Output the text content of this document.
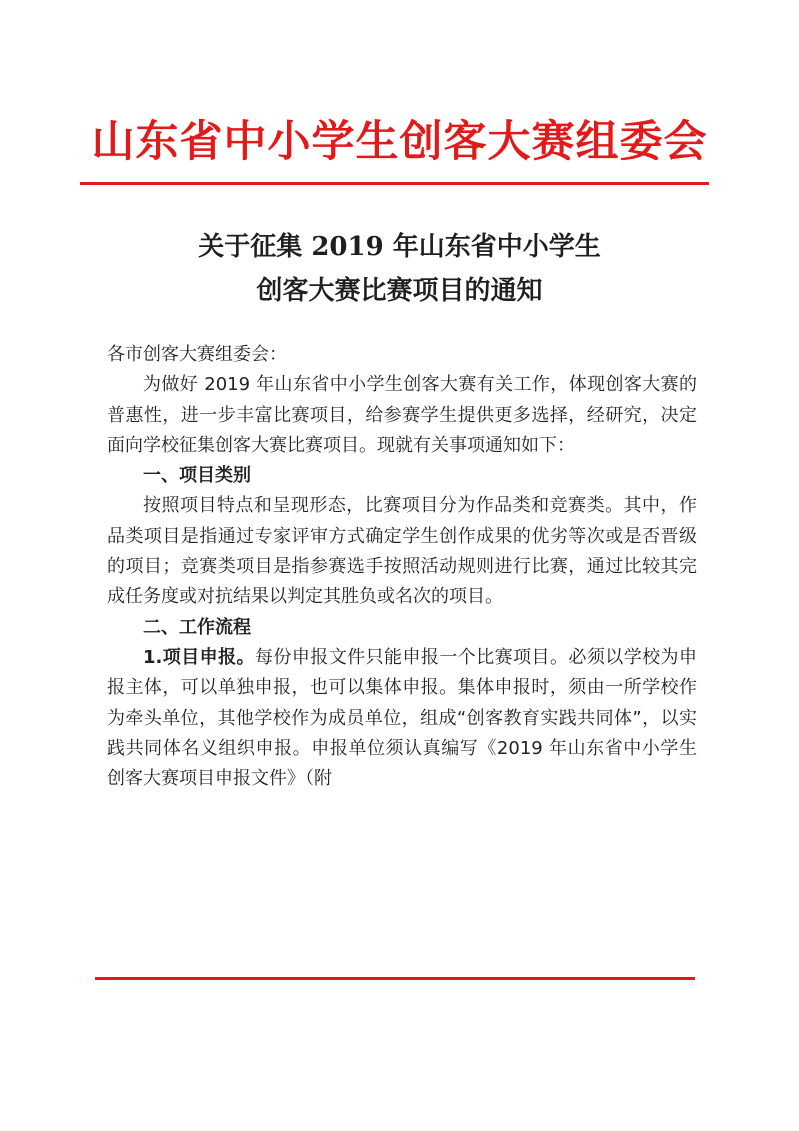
山东省中小学生创客大赛组委会
关于征集 2019 年山东省中小学生
创客大赛比赛项目的通知

各市创客大赛组委会：

为做好 2019 年山东省中小学生创客大赛有关工作，体现创客大赛的普惠性，进一步丰富比赛项目，给参赛学生提供更多选择，经研究，决定面向学校征集创客大赛比赛项目。现就有关事项通知如下：

一、项目类别

按照项目特点和呈现形态，比赛项目分为作品类和竞赛类。其中，作品类项目是指通过专家评审方式确定学生创作成果的优劣等次或是否晋级的项目；竞赛类项目是指参赛选手按照活动规则进行比赛，通过比较其完成任务度或对抗结果以判定其胜负或名次的项目。

二、工作流程

1.项目申报。每份申报文件只能申报一个比赛项目。必须以学校为申报主体，可以单独申报，也可以集体申报。集体申报时，须由一所学校作为牵头单位，其他学校作为成员单位，组成“创客教育实践共同体”，以实践共同体名义组织申报。申报单位须认真编写《2019 年山东省中小学生创客大赛项目申报文件》（附
